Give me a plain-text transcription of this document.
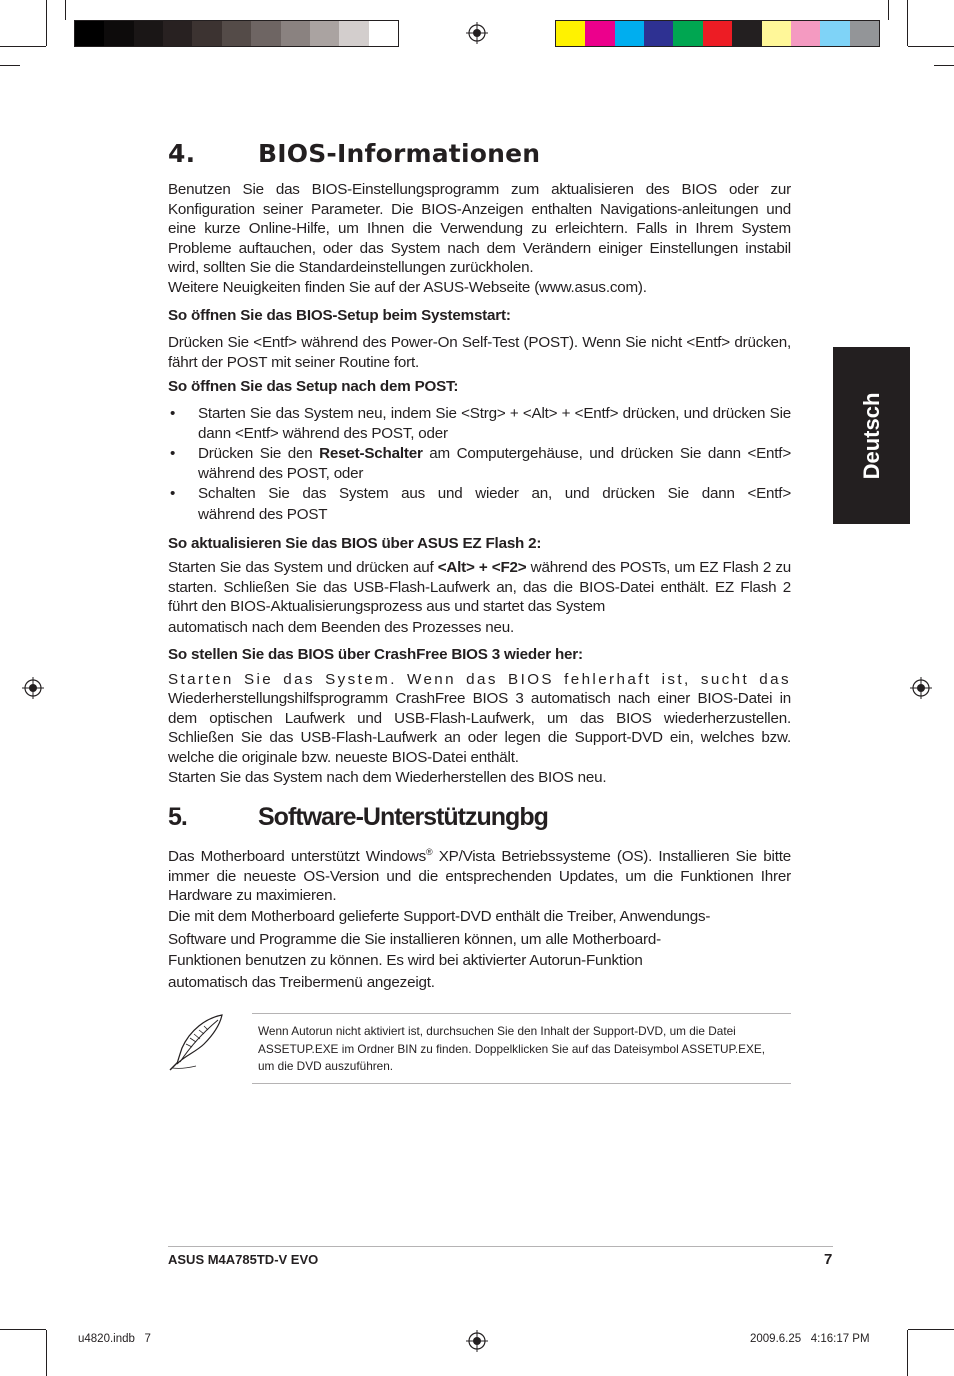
4.	BIOS-Informationen

Benutzen Sie das BIOS-Einstellungsprogramm zum aktualisieren des BIOS oder zur Konfiguration seiner Parameter. Die BIOS-Anzeigen enthalten Navigations-anleitungen und eine kurze Online-Hilfe, um Ihnen die Verwendung zu erleichtern. Falls in Ihrem System Probleme auftauchen, oder das System nach dem Verändern einiger Einstellungen instabil wird, sollten Sie die Standardeinstellungen zurückholen.

Weitere Neuigkeiten finden Sie auf der ASUS-Webseite (www.asus.com).

So öffnen Sie das BIOS-Setup beim Systemstart:

Drücken Sie <Entf> während des Power-On Self-Test (POST). Wenn Sie nicht <Entf> drücken, fährt der POST mit seiner Routine fort.

So öffnen Sie das Setup nach dem POST:

• Starten Sie das System neu, indem Sie <Strg> + <Alt> + <Entf> drücken, und drücken Sie dann <Entf> während des POST, oder
• Drücken Sie den Reset-Schalter am Computergehäuse, und drücken Sie dann <Entf> während des POST, oder
• Schalten Sie das System aus und wieder an, und drücken Sie dann <Entf>
während des POST

So aktualisieren Sie das BIOS über ASUS EZ Flash 2:

Starten Sie das System und drücken auf <Alt> + <F2> während des POSTs, um EZ Flash 2 zu starten. Schließen Sie das USB-Flash-Laufwerk an, das die BIOS-Datei enthält. EZ Flash 2 führt den BIOS-Aktualisierungsprozess aus und startet das System

automatisch nach dem Beenden des Prozesses neu.

So stellen Sie das BIOS über CrashFree BIOS 3 wieder her:

Starten Sie das System. Wenn das BIOS fehlerhaft ist, sucht das

Wiederherstellungshilfsprogramm CrashFree BIOS 3 automatisch nach einer BIOS-Datei in dem optischen Laufwerk und USB-Flash-Laufwerk, um das BIOS wiederherzustellen. Schließen Sie das USB-Flash-Laufwerk an oder legen die Support-DVD ein, welches bzw. welche die originale bzw. neueste BIOS-Datei enthält.

Starten Sie das System nach dem Wiederherstellen des BIOS neu.

5.	Software-Unterstützungbg

Das Motherboard unterstützt Windows® XP/Vista Betriebssysteme (OS). Installieren Sie bitte immer die neueste OS-Version und die entsprechenden Updates, um die Funktionen Ihrer Hardware zu maximieren.

Die mit dem Motherboard gelieferte Support-DVD enthält die Treiber, Anwendungs-

Software und Programme die Sie installieren können, um alle Motherboard-

Funktionen benutzen zu können. Es wird bei aktivierter Autorun-Funktion

automatisch das Treibermenü angezeigt.

Wenn Autorun nicht aktiviert ist, durchsuchen Sie den Inhalt der Support-DVD, um die Datei ASSETUP.EXE im Ordner BIN zu finden. Doppelklicken Sie auf das Dateisymbol ASSETUP.EXE, um die DVD auszuführen.

Deutsch
ASUS M4A785TD-V EVO	7
u4820.indb   7	2009.6.25   4:16:17 PM
